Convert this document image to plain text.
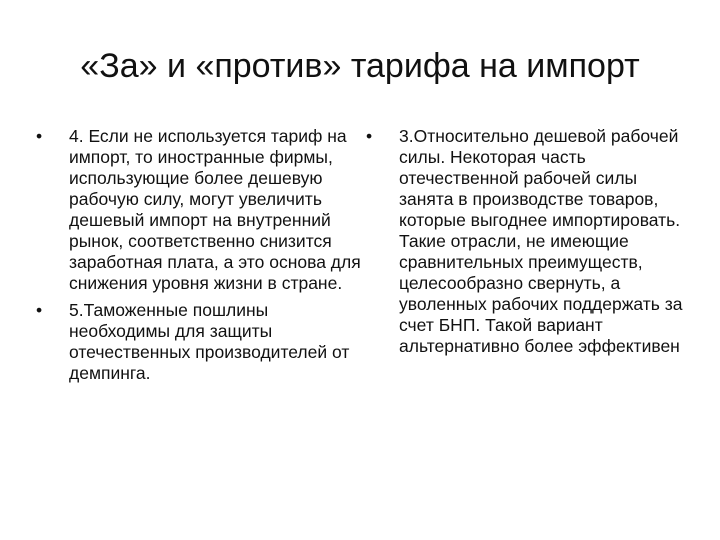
«За» и «против» тарифа на импорт
•	4. Если не используется тариф на импорт, то иностранные фирмы, использующие более дешевую рабочую силу, могут увеличить дешевый импорт на внутренний рынок, соответственно снизится заработная плата, а это основа для снижения уровня жизни в стране.
•	5.Таможенные пошлины необходимы для защиты отечественных производителей от демпинга.
•	3.Относительно дешевой рабочей силы. Некоторая часть отечественной рабочей силы занята в производстве товаров, которые выгоднее импортировать. Такие отрасли, не имеющие сравнительных преимуществ, целесообразно свернуть, а уволенных рабочих поддержать за счет БНП. Такой вариант альтернативно более эффективен
